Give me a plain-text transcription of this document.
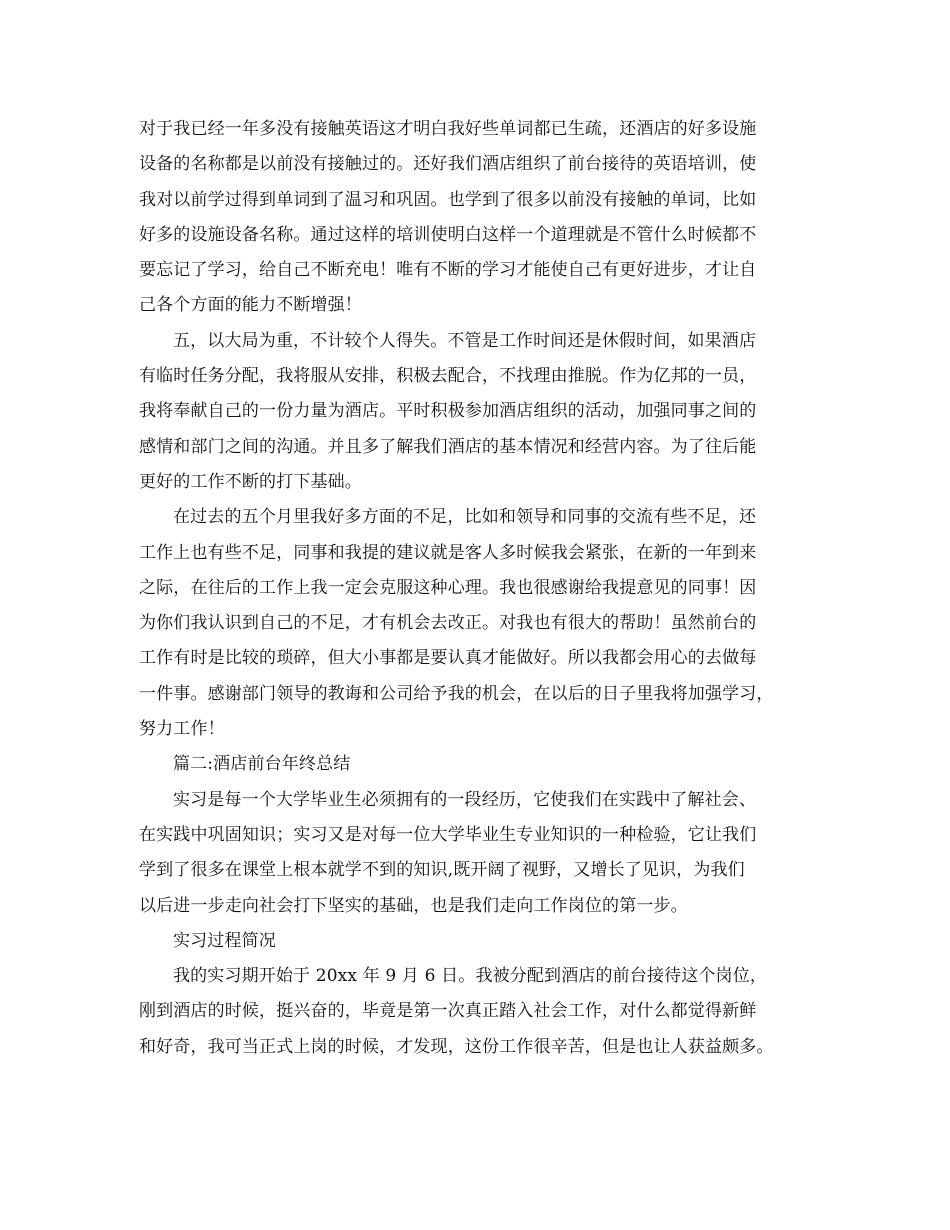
对于我已经一年多没有接触英语这才明白我好些单词都已生疏，还酒店的好多设施
设备的名称都是以前没有接触过的。还好我们酒店组织了前台接待的英语培训，使
我对以前学过得到单词到了温习和巩固。也学到了很多以前没有接触的单词，比如
好多的设施设备名称。通过这样的培训使明白这样一个道理就是不管什么时候都不
要忘记了学习，给自己不断充电！唯有不断的学习才能使自己有更好进步，才让自
己各个方面的能力不断增强！
五，以大局为重，不计较个人得失。不管是工作时间还是休假时间，如果酒店
有临时任务分配，我将服从安排，积极去配合，不找理由推脱。作为亿邦的一员，
我将奉献自己的一份力量为酒店。平时积极参加酒店组织的活动，加强同事之间的
感情和部门之间的沟通。并且多了解我们酒店的基本情况和经营内容。为了往后能
更好的工作不断的打下基础。
在过去的五个月里我好多方面的不足，比如和领导和同事的交流有些不足，还
工作上也有些不足，同事和我提的建议就是客人多时候我会紧张，在新的一年到来
之际，在往后的工作上我一定会克服这种心理。我也很感谢给我提意见的同事！因
为你们我认识到自己的不足，才有机会去改正。对我也有很大的帮助！虽然前台的
工作有时是比较的琐碎，但大小事都是要认真才能做好。所以我都会用心的去做每
一件事。感谢部门领导的教诲和公司给予我的机会，在以后的日子里我将加强学习，
努力工作！
篇二:酒店前台年终总结
实习是每一个大学毕业生必须拥有的一段经历，它使我们在实践中了解社会、
在实践中巩固知识；实习又是对每一位大学毕业生专业知识的一种检验，它让我们
学到了很多在课堂上根本就学不到的知识,既开阔了视野，又增长了见识，为我们
以后进一步走向社会打下坚实的基础，也是我们走向工作岗位的第一步。
实习过程简况
我的实习期开始于 20xx 年 9 月 6 日。我被分配到酒店的前台接待这个岗位，
刚到酒店的时候，挺兴奋的，毕竟是第一次真正踏入社会工作，对什么都觉得新鲜
和好奇，我可当正式上岗的时候，才发现，这份工作很辛苦，但是也让人获益颇多。
